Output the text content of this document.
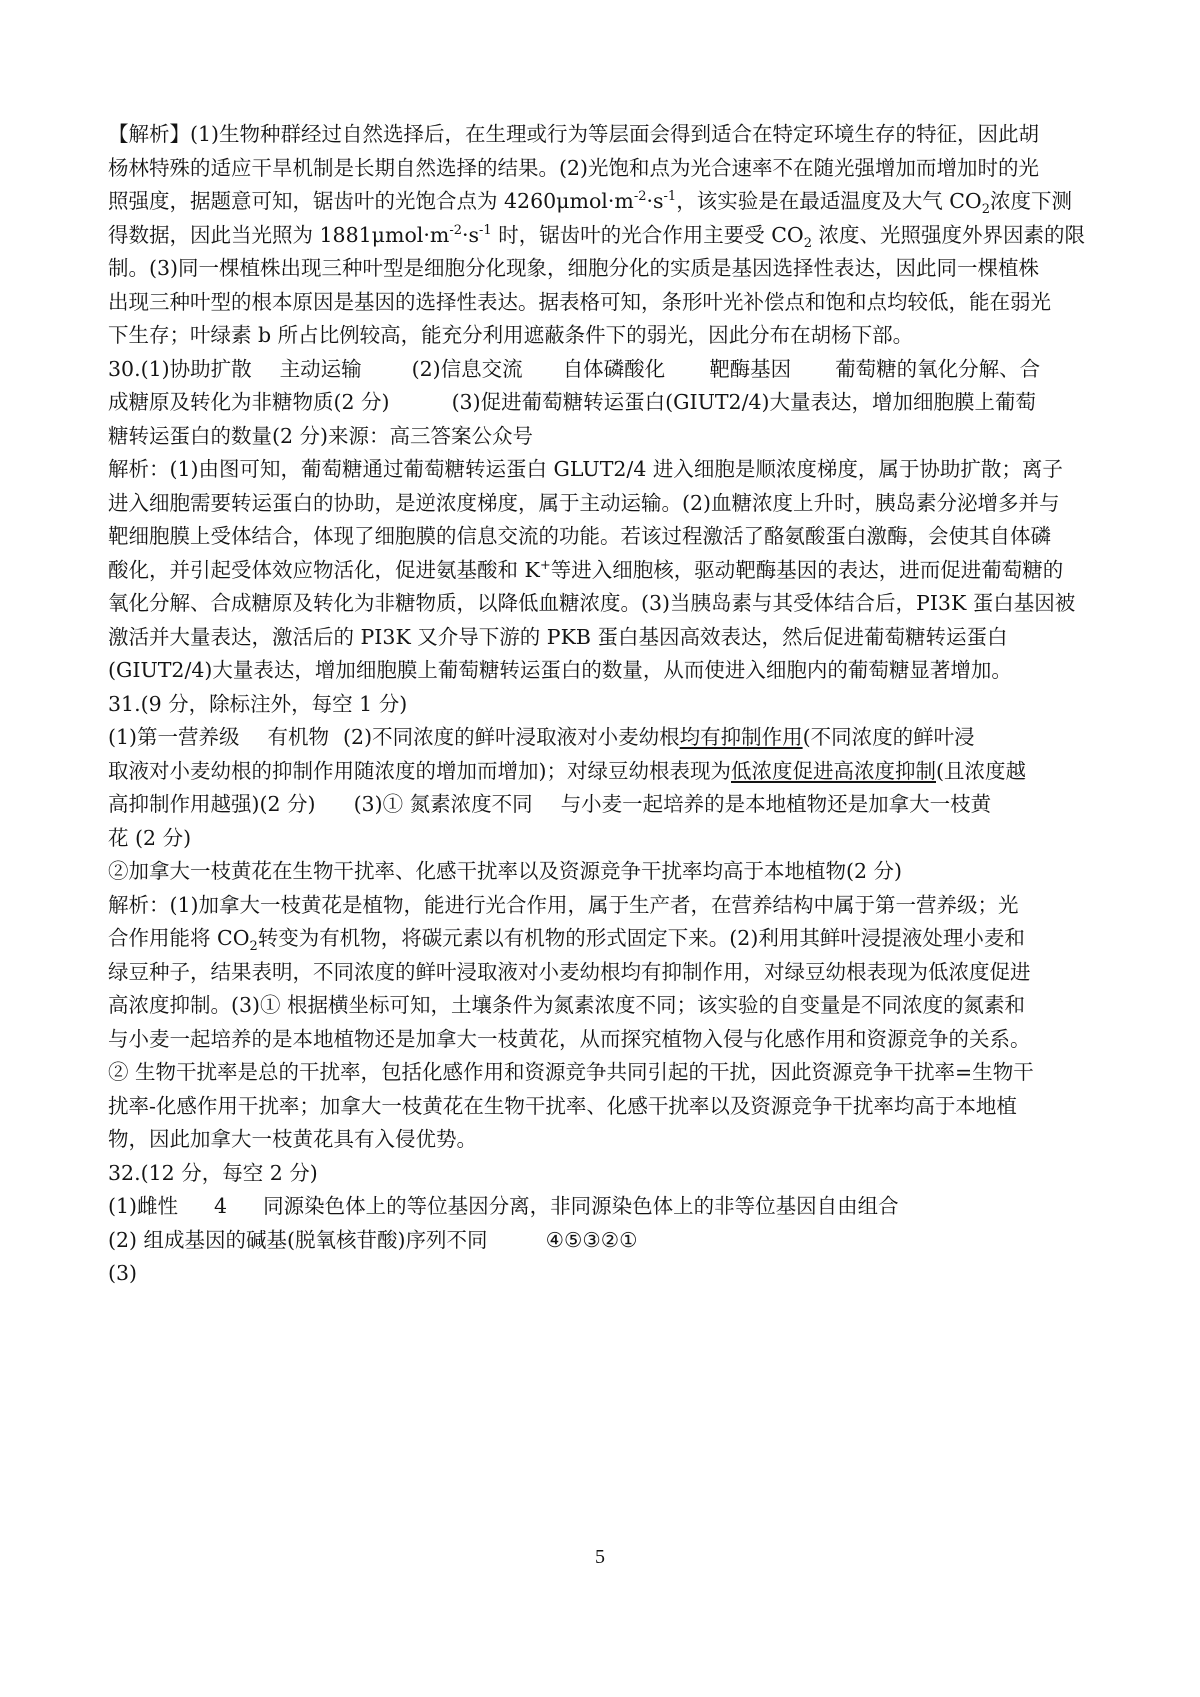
【解析】(1)生物种群经过自然选择后，在生理或行为等层面会得到适合在特定环境生存的特征，因此胡
杨林特殊的适应干旱机制是长期自然选择的结果。(2)光饱和点为光合速率不在随光强增加而增加时的光
照强度，据题意可知，锯齿叶的光饱合点为 $4260\mu mol\cdot m^{-2}\cdot s^{-1}$，该实验是在最适温度及大气 $CO_2$浓度下测
得数据，因此当光照为 $1881\mu mol\cdot m^{-2}\cdot s^{-1}$ 时，锯齿叶的光合作用主要受 $CO_2$ 浓度、光照强度外界因素的限
制。(3)同一棵植株出现三种叶型是细胞分化现象，细胞分化的实质是基因选择性表达，因此同一棵植株
出现三种叶型的根本原因是基因的选择性表达。据表格可知，条形叶光补偿点和饱和点均较低，能在弱光
下生存；叶绿素 b 所占比例较高，能充分利用遮蔽条件下的弱光，因此分布在胡杨下部。
30.(1)协助扩散 主动运输 (2)信息交流 自体磷酸化 靶酶基因 葡萄糖的氧化分解、合
成糖原及转化为非糖物质(2 分)	(3)促进葡萄糖转运蛋白(GIUT2/4)大量表达，增加细胞膜上葡萄
糖转运蛋白的数量(2 分)来源：高三答案公众号
解析：(1)由图可知，葡萄糖通过葡萄糖转运蛋白 GLUT2/4 进入细胞是顺浓度梯度，属于协助扩散；离子
进入细胞需要转运蛋白的协助，是逆浓度梯度，属于主动运输。(2)血糖浓度上升时，胰岛素分泌增多并与
靶细胞膜上受体结合，体现了细胞膜的信息交流的功能。若该过程激活了酪氨酸蛋白激酶，会使其自体磷
酸化，并引起受体效应物活化，促进氨基酸和 K+等进入细胞核，驱动靶酶基因的表达，进而促进葡萄糖的
氧化分解、合成糖原及转化为非糖物质，以降低血糖浓度。(3)当胰岛素与其受体结合后，PI3K 蛋白基因被
激活并大量表达，激活后的 PI3K 又介导下游的 PKB 蛋白基因高效表达，然后促进葡萄糖转运蛋白
(GIUT2/4)大量表达，增加细胞膜上葡萄糖转运蛋白的数量，从而使进入细胞内的葡萄糖显著增加。
31.(9 分，除标注外，每空 1 分)
(1)第一营养级 有机物 (2)不同浓度的鲜叶浸取液对小麦幼根均有抑制作用(不同浓度的鲜叶浸
取液对小麦幼根的抑制作用随浓度的增加而增加)；对绿豆幼根表现为低浓度促进高浓度抑制(且浓度越
高抑制作用越强)(2 分) (3)① 氮素浓度不同 与小麦一起培养的是本地植物还是加拿大一枝黄
花 (2 分)
②加拿大一枝黄花在生物干扰率、化感干扰率以及资源竞争干扰率均高于本地植物(2 分)
解析：(1)加拿大一枝黄花是植物，能进行光合作用，属于生产者，在营养结构中属于第一营养级；光
合作用能将 $CO_2$转变为有机物，将碳元素以有机物的形式固定下来。(2)利用其鲜叶浸提液处理小麦和
绿豆种子，结果表明，不同浓度的鲜叶浸取液对小麦幼根均有抑制作用，对绿豆幼根表现为低浓度促进
高浓度抑制。(3)① 根据横坐标可知，土壤条件为氮素浓度不同；该实验的自变量是不同浓度的氮素和
与小麦一起培养的是本地植物还是加拿大一枝黄花，从而探究植物入侵与化感作用和资源竞争的关系。
② 生物干扰率是总的干扰率，包括化感作用和资源竞争共同引起的干扰，因此资源竞争干扰率=生物干
扰率-化感作用干扰率；加拿大一枝黄花在生物干扰率、化感干扰率以及资源竞争干扰率均高于本地植
物，因此加拿大一枝黄花具有入侵优势。
32.(12 分，每空 2 分)
(1)雌性 4 同源染色体上的等位基因分离，非同源染色体上的非等位基因自由组合
(2) 组成基因的碱基(脱氧核苷酸)序列不同	④⑤③②①
(3)
5
